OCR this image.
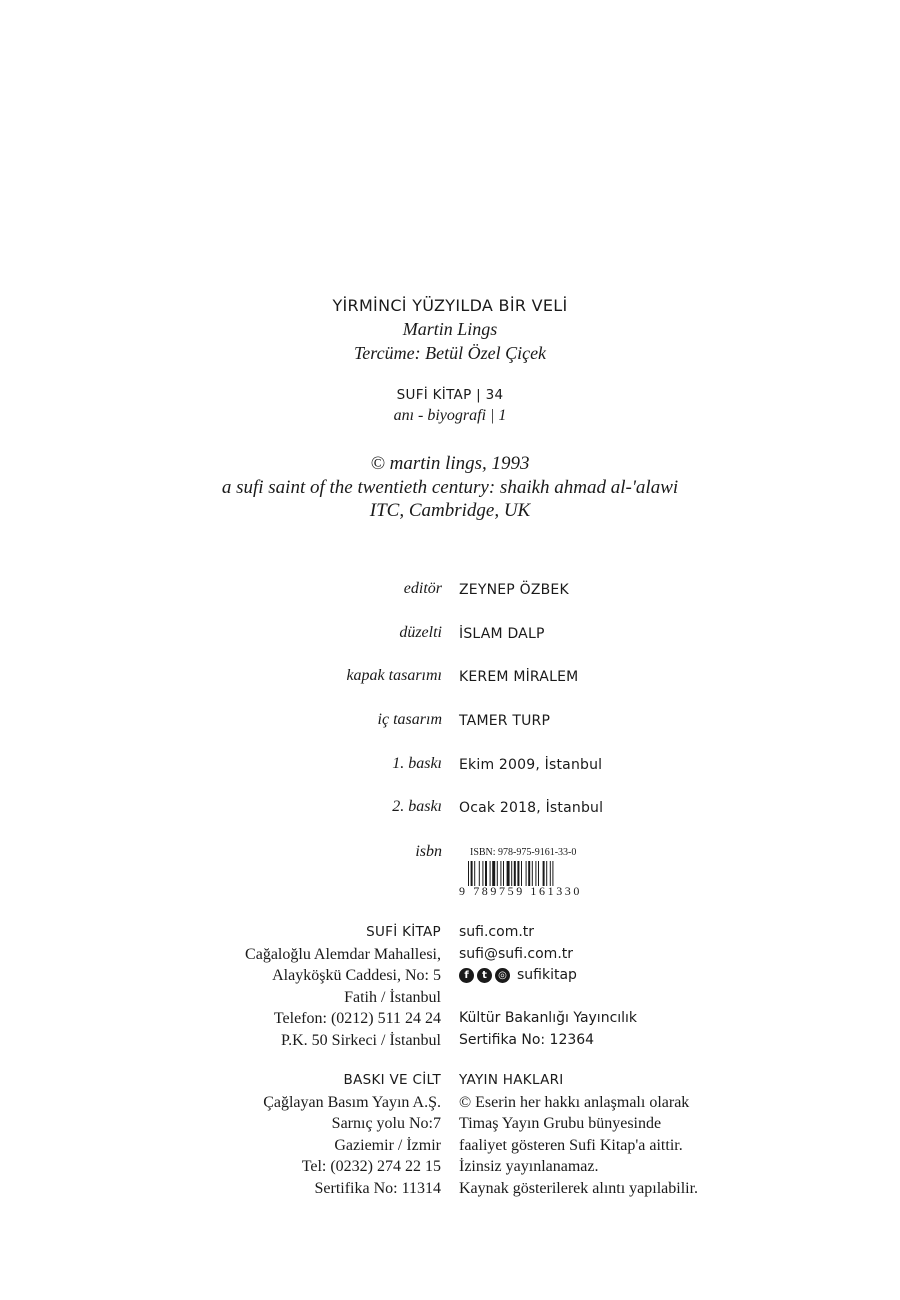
YİRMİNCİ YÜZYILDA BİR VELİ
Martin Lings
Tercüme: Betül Özel Çiçek
SUFİ KİTAP | 34
anı - biyografi | 1
© martin lings, 1993
a sufi saint of the twentieth century: shaikh ahmad al-'alawi
ITC, Cambridge, UK
editör ZEYNEP ÖZBEK
düzelti İSLAM DALP
kapak tasarımı KEREM MİRALEM
iç tasarım TAMER TURP
1. baskı Ekim 2009, İstanbul
2. baskı Ocak 2018, İstanbul
isbn	ISBN: 978-975-9161-33-0
9 789759 161330
SUFİ KİTAP
Cağaloğlu Alemdar Mahallesi,
Alayköşkü Caddesi, No: 5
Fatih / İstanbul
Telefon: (0212) 511 24 24
P.K. 50 Sirkeci / İstanbul
sufi.com.tr
sufi@sufi.com.tr
f	t	◎ sufikitap
Kültür Bakanlığı Yayıncılık
Sertifika No: 12364
BASKI VE CİLT
Çağlayan Basım Yayın A.Ş.
Sarnıç yolu No:7
Gaziemir / İzmir
Tel: (0232) 274 22 15
Sertifika No: 11314
YAYIN HAKLARI
© Eserin her hakkı anlaşmalı olarak
Timaş Yayın Grubu bünyesinde
faaliyet gösteren Sufi Kitap'a aittir.
İzinsiz yayınlanamaz.
Kaynak gösterilerek alıntı yapılabilir.
